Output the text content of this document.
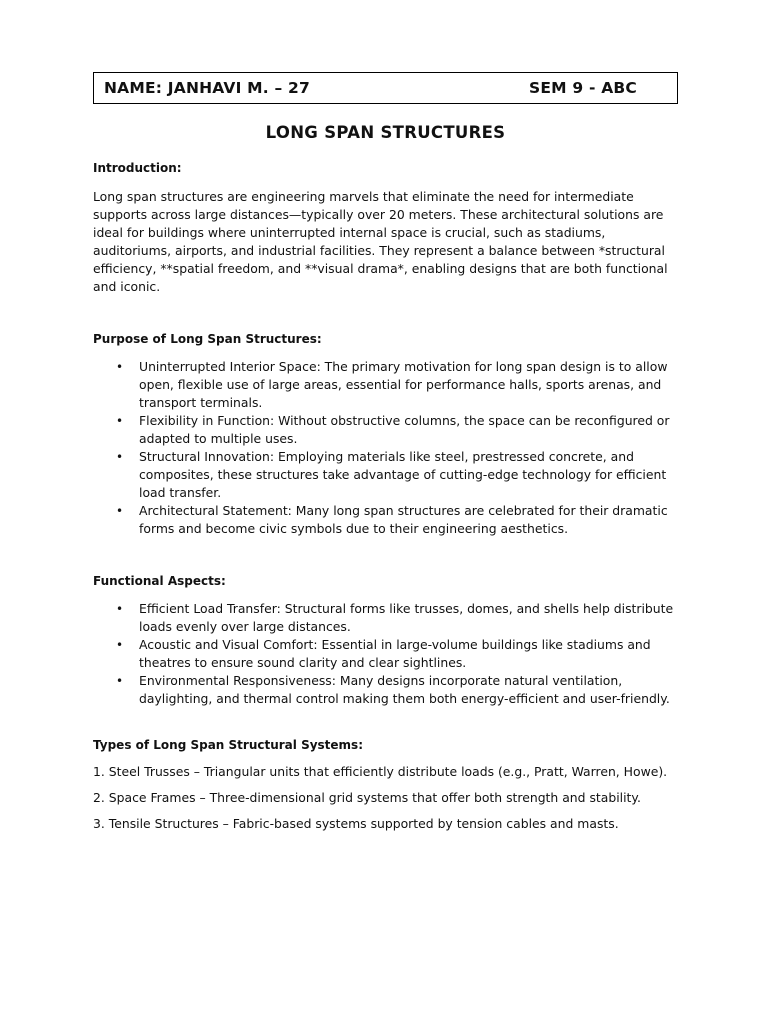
NAME: JANHAVI M. – 27	SEM 9 - ABC
LONG SPAN STRUCTURES
Introduction:

Long span structures are engineering marvels that eliminate the need for intermediate supports across large distances—typically over 20 meters. These architectural solutions are ideal for buildings where uninterrupted internal space is crucial, such as stadiums, auditoriums, airports, and industrial facilities. They represent a balance between *structural efficiency, **spatial freedom, and **visual drama*, enabling designs that are both functional and iconic.

Purpose of Long Span Structures:
• Uninterrupted Interior Space: The primary motivation for long span design is to allow open, flexible use of large areas, essential for performance halls, sports arenas, and transport terminals.
• Flexibility in Function: Without obstructive columns, the space can be reconfigured or adapted to multiple uses.
• Structural Innovation: Employing materials like steel, prestressed concrete, and composites, these structures take advantage of cutting-edge technology for efficient load transfer.
• Architectural Statement: Many long span structures are celebrated for their dramatic forms and become civic symbols due to their engineering aesthetics.
Functional Aspects:
• Efficient Load Transfer: Structural forms like trusses, domes, and shells help distribute loads evenly over large distances.
• Acoustic and Visual Comfort: Essential in large-volume buildings like stadiums and theatres to ensure sound clarity and clear sightlines.
• Environmental Responsiveness: Many designs incorporate natural ventilation, daylighting, and thermal control making them both energy-efficient and user-friendly.
Types of Long Span Structural Systems:

1. Steel Trusses – Triangular units that efficiently distribute loads (e.g., Pratt, Warren, Howe).

2. Space Frames – Three-dimensional grid systems that offer both strength and stability.

3. Tensile Structures – Fabric-based systems supported by tension cables and masts.
